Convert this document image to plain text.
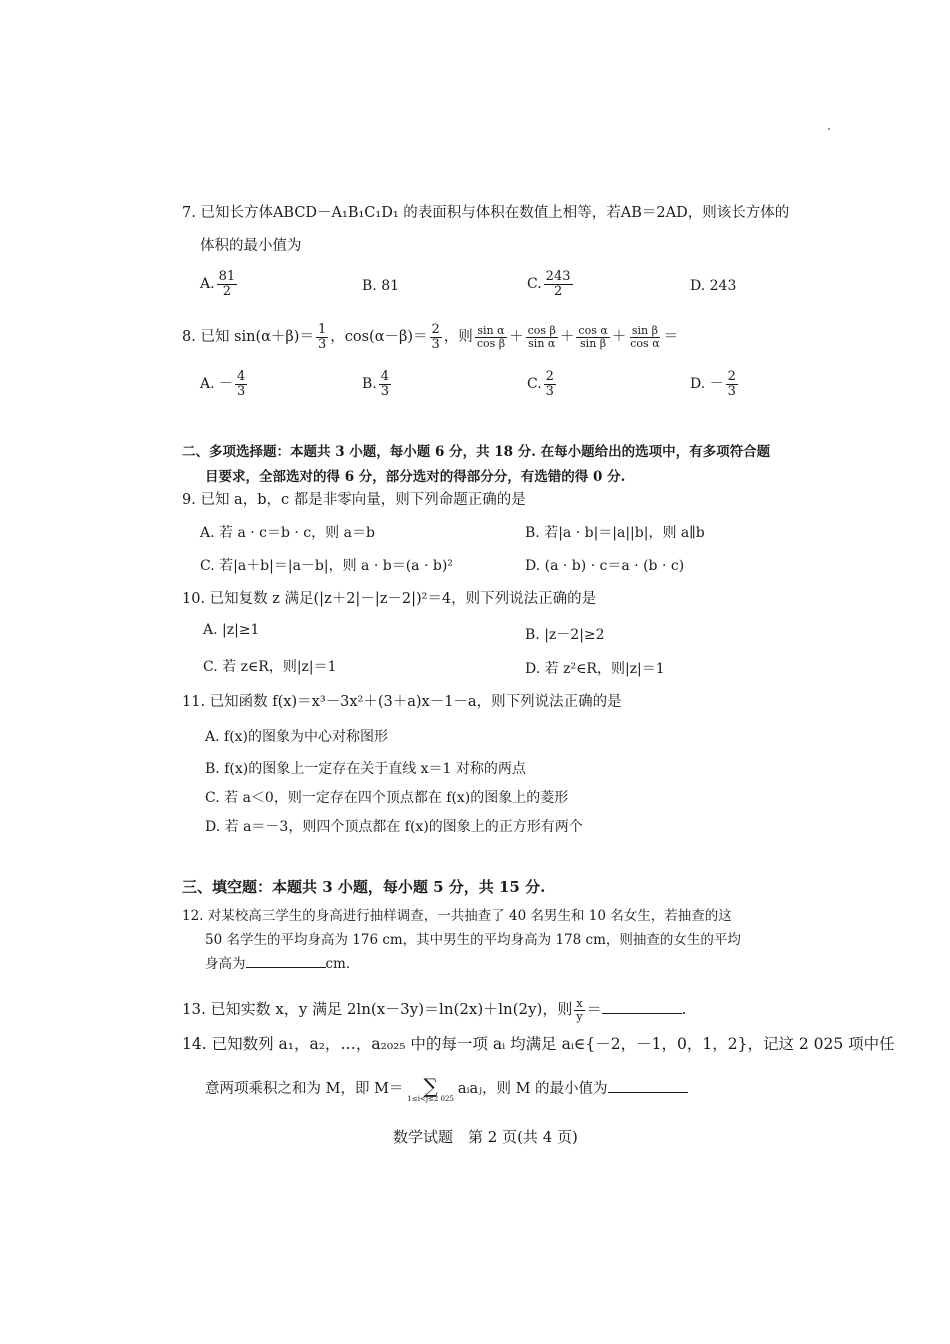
7. 已知长方体ABCD－A₁B₁C₁D₁ 的表面积与体积在数值上相等，若AB＝2AD，则该长方体的
体积的最小值为
A. $\frac{81}{2}$	B. 81	C. $\frac{243}{2}$	D. 243
8. 已知 $\sin(\alpha+\beta)= \frac{1}{3}$ ，$\cos(\alpha-\beta)= \frac{2}{3}$ ，则 $\frac{\text{sin α}}{\text{cos β}} + \frac{\text{cos β}}{\text{sin α}} + \frac{\text{cos α}}{\text{sin β}} + \frac{\text{sin β}}{\text{cos α}}$ ＝
A. － $\frac{4}{3}$	B. $\frac{4}{3}$	C. $\frac{2}{3}$	D. － $\frac{2}{3}$
二、多项选择题：本题共 3 小题，每小题 6 分，共 18 分. 在每小题给出的选项中，有多项符合题
目要求，全部选对的得 6 分，部分选对的得部分分，有选错的得 0 分.
9. 已知 a，b，c 都是非零向量，则下列命题正确的是
A. 若 a · c＝b · c，则 a＝b	B. 若|a · b|＝|a||b|，则 a∥b
C. 若|a＋b|＝|a－b|，则 a · b＝(a · b)²	D. (a · b) · c＝a · (b · c)
10. 已知复数 z 满足(|z＋2|－|z－2|)²＝4，则下列说法正确的是
A. |z|≥1	B. |z－2|≥2
C. 若 z∈R，则|z|＝1	D. 若 z²∈R，则|z|＝1
11. 已知函数 f(x)＝x³－3x²＋(3＋a)x－1－a，则下列说法正确的是
A. f(x)的图象为中心对称图形
B. f(x)的图象上一定存在关于直线 x＝1 对称的两点
C. 若 a＜0，则一定存在四个顶点都在 f(x)的图象上的菱形
D. 若 a＝－3，则四个顶点都在 f(x)的图象上的正方形有两个
三、填空题：本题共 3 小题，每小题 5 分，共 15 分.
12. 对某校高三学生的身高进行抽样调查，一共抽查了 40 名男生和 10 名女生，若抽查的这
50 名学生的平均身高为 176 cm，其中男生的平均身高为 178 cm，则抽查的女生的平均
身高为	cm.
13. 已知实数 x，y 满足 2ln(x－3y)＝ln(2x)＋ln(2y)，则 $\frac{x}{y}$ ＝	.
14. 已知数列 a₁，a₂，…，a₂₀₂₅ 中的每一项 aᵢ 均满足 aᵢ∈{－2，－1，0，1，2}，记这 2 025 项中任
意两项乘积之和为 M，即 M＝ ∑
1≤i<j≤2 025
aᵢaⱼ，则 M 的最小值为
数学试题　第 2 页(共 4 页)
